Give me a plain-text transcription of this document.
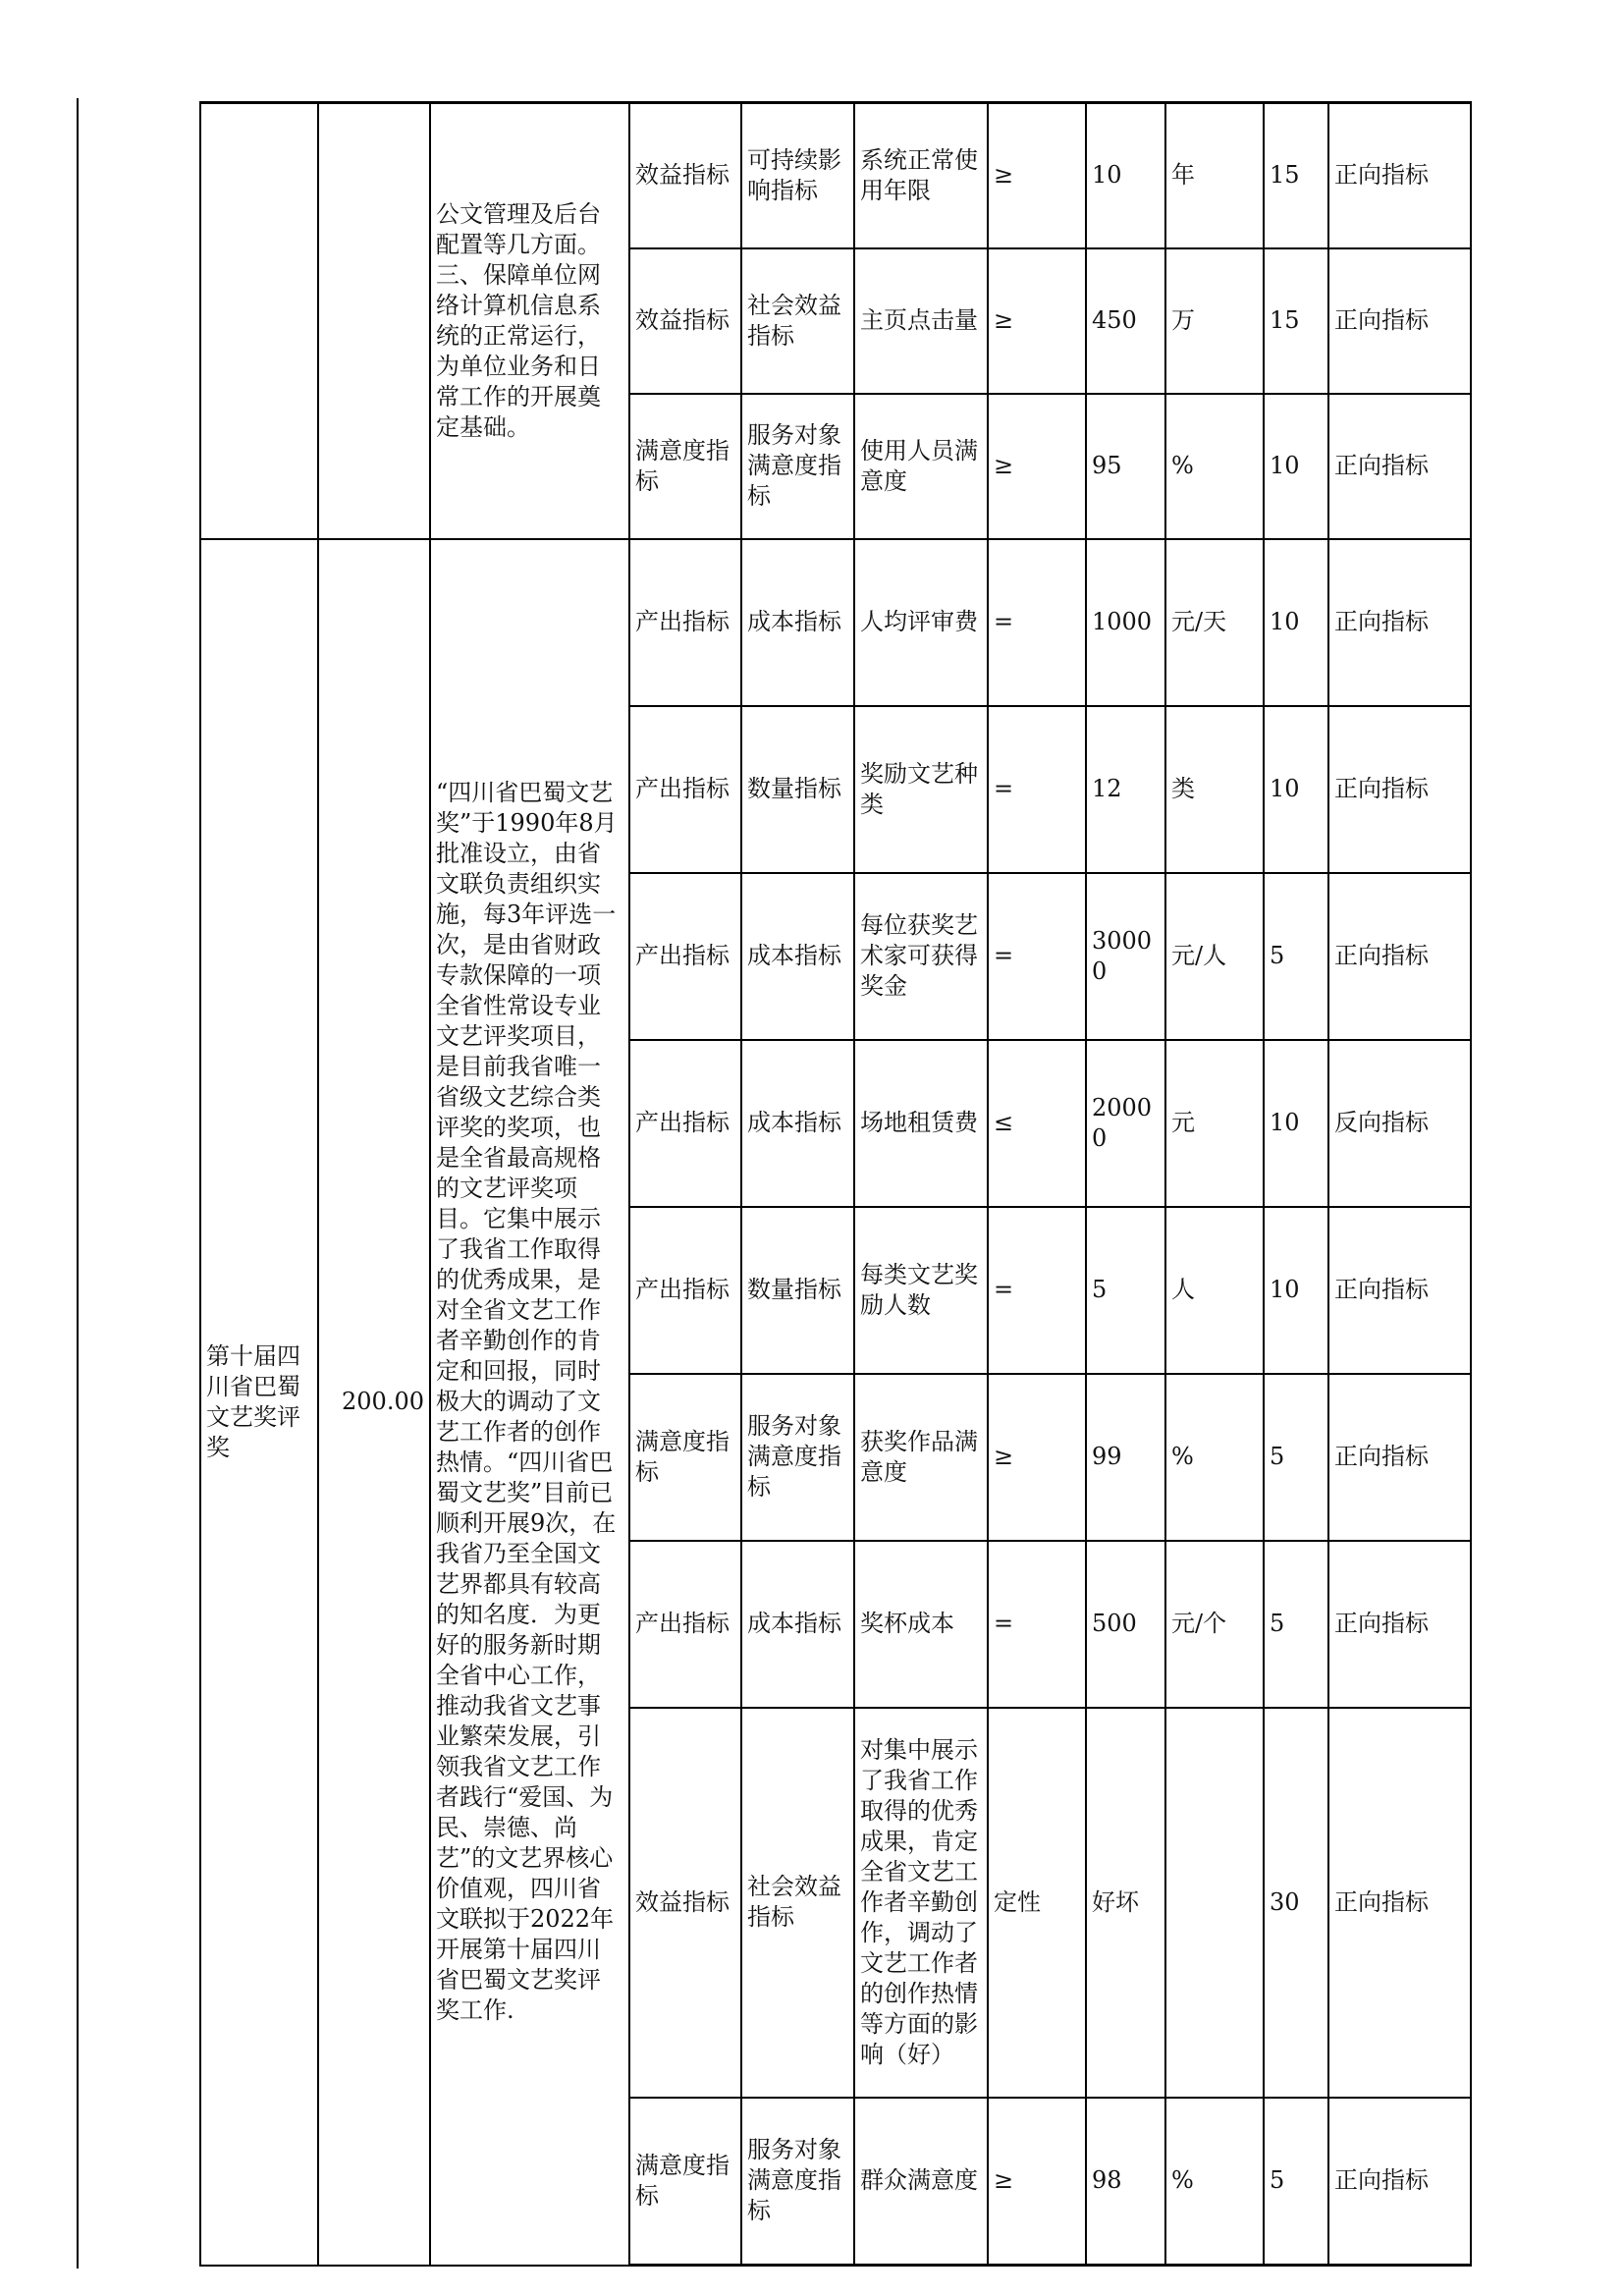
		公文管理及后台配置等几方面。三、保障单位网络计算机信息系统的正常运行，为单位业务和日常工作的开展奠定基础。	效益指标	可持续影响指标	系统正常使用年限	≥	10	年	15	正向指标
			效益指标	社会效益指标	主页点击量	≥	450	万	15	正向指标
			满意度指标	服务对象满意度指标	使用人员满意度	≥	95	%	10	正向指标
第十届四川省巴蜀文艺奖评奖	200.00	“四川省巴蜀文艺奖”于1990年8月批准设立，由省文联负责组织实施，每3年评选一次，是由省财政专款保障的一项全省性常设专业文艺评奖项目，是目前我省唯一省级文艺综合类评奖的奖项，也是全省最高规格的文艺评奖项目。它集中展示了我省工作取得的优秀成果，是对全省文艺工作者辛勤创作的肯定和回报，同时极大的调动了文艺工作者的创作热情。“四川省巴蜀文艺奖”目前已顺利开展9次，在我省乃至全国文艺界都具有较高的知名度．为更好的服务新时期全省中心工作，推动我省文艺事业繁荣发展，引领我省文艺工作者践行“爱国、为民、崇德、尚艺”的文艺界核心价值观，四川省文联拟于2022年开展第十届四川省巴蜀文艺奖评奖工作.	产出指标	成本指标	人均评审费	=	1000	元/天	10	正向指标
			产出指标	数量指标	奖励文艺种类	=	12	类	10	正向指标
			产出指标	成本指标	每位获奖艺术家可获得奖金	=	30000	元/人	5	正向指标
			产出指标	成本指标	场地租赁费	≤	20000	元	10	反向指标
			产出指标	数量指标	每类文艺奖励人数	=	5	人	10	正向指标
			满意度指标	服务对象满意度指标	获奖作品满意度	≥	99	%	5	正向指标
			产出指标	成本指标	奖杯成本	=	500	元/个	5	正向指标
			效益指标	社会效益指标	对集中展示了我省工作取得的优秀成果，肯定全省文艺工作者辛勤创作，调动了文艺工作者的创作热情等方面的影响（好）	定性	好坏		30	正向指标
			满意度指标	服务对象满意度指标	群众满意度	≥	98	%	5	正向指标
